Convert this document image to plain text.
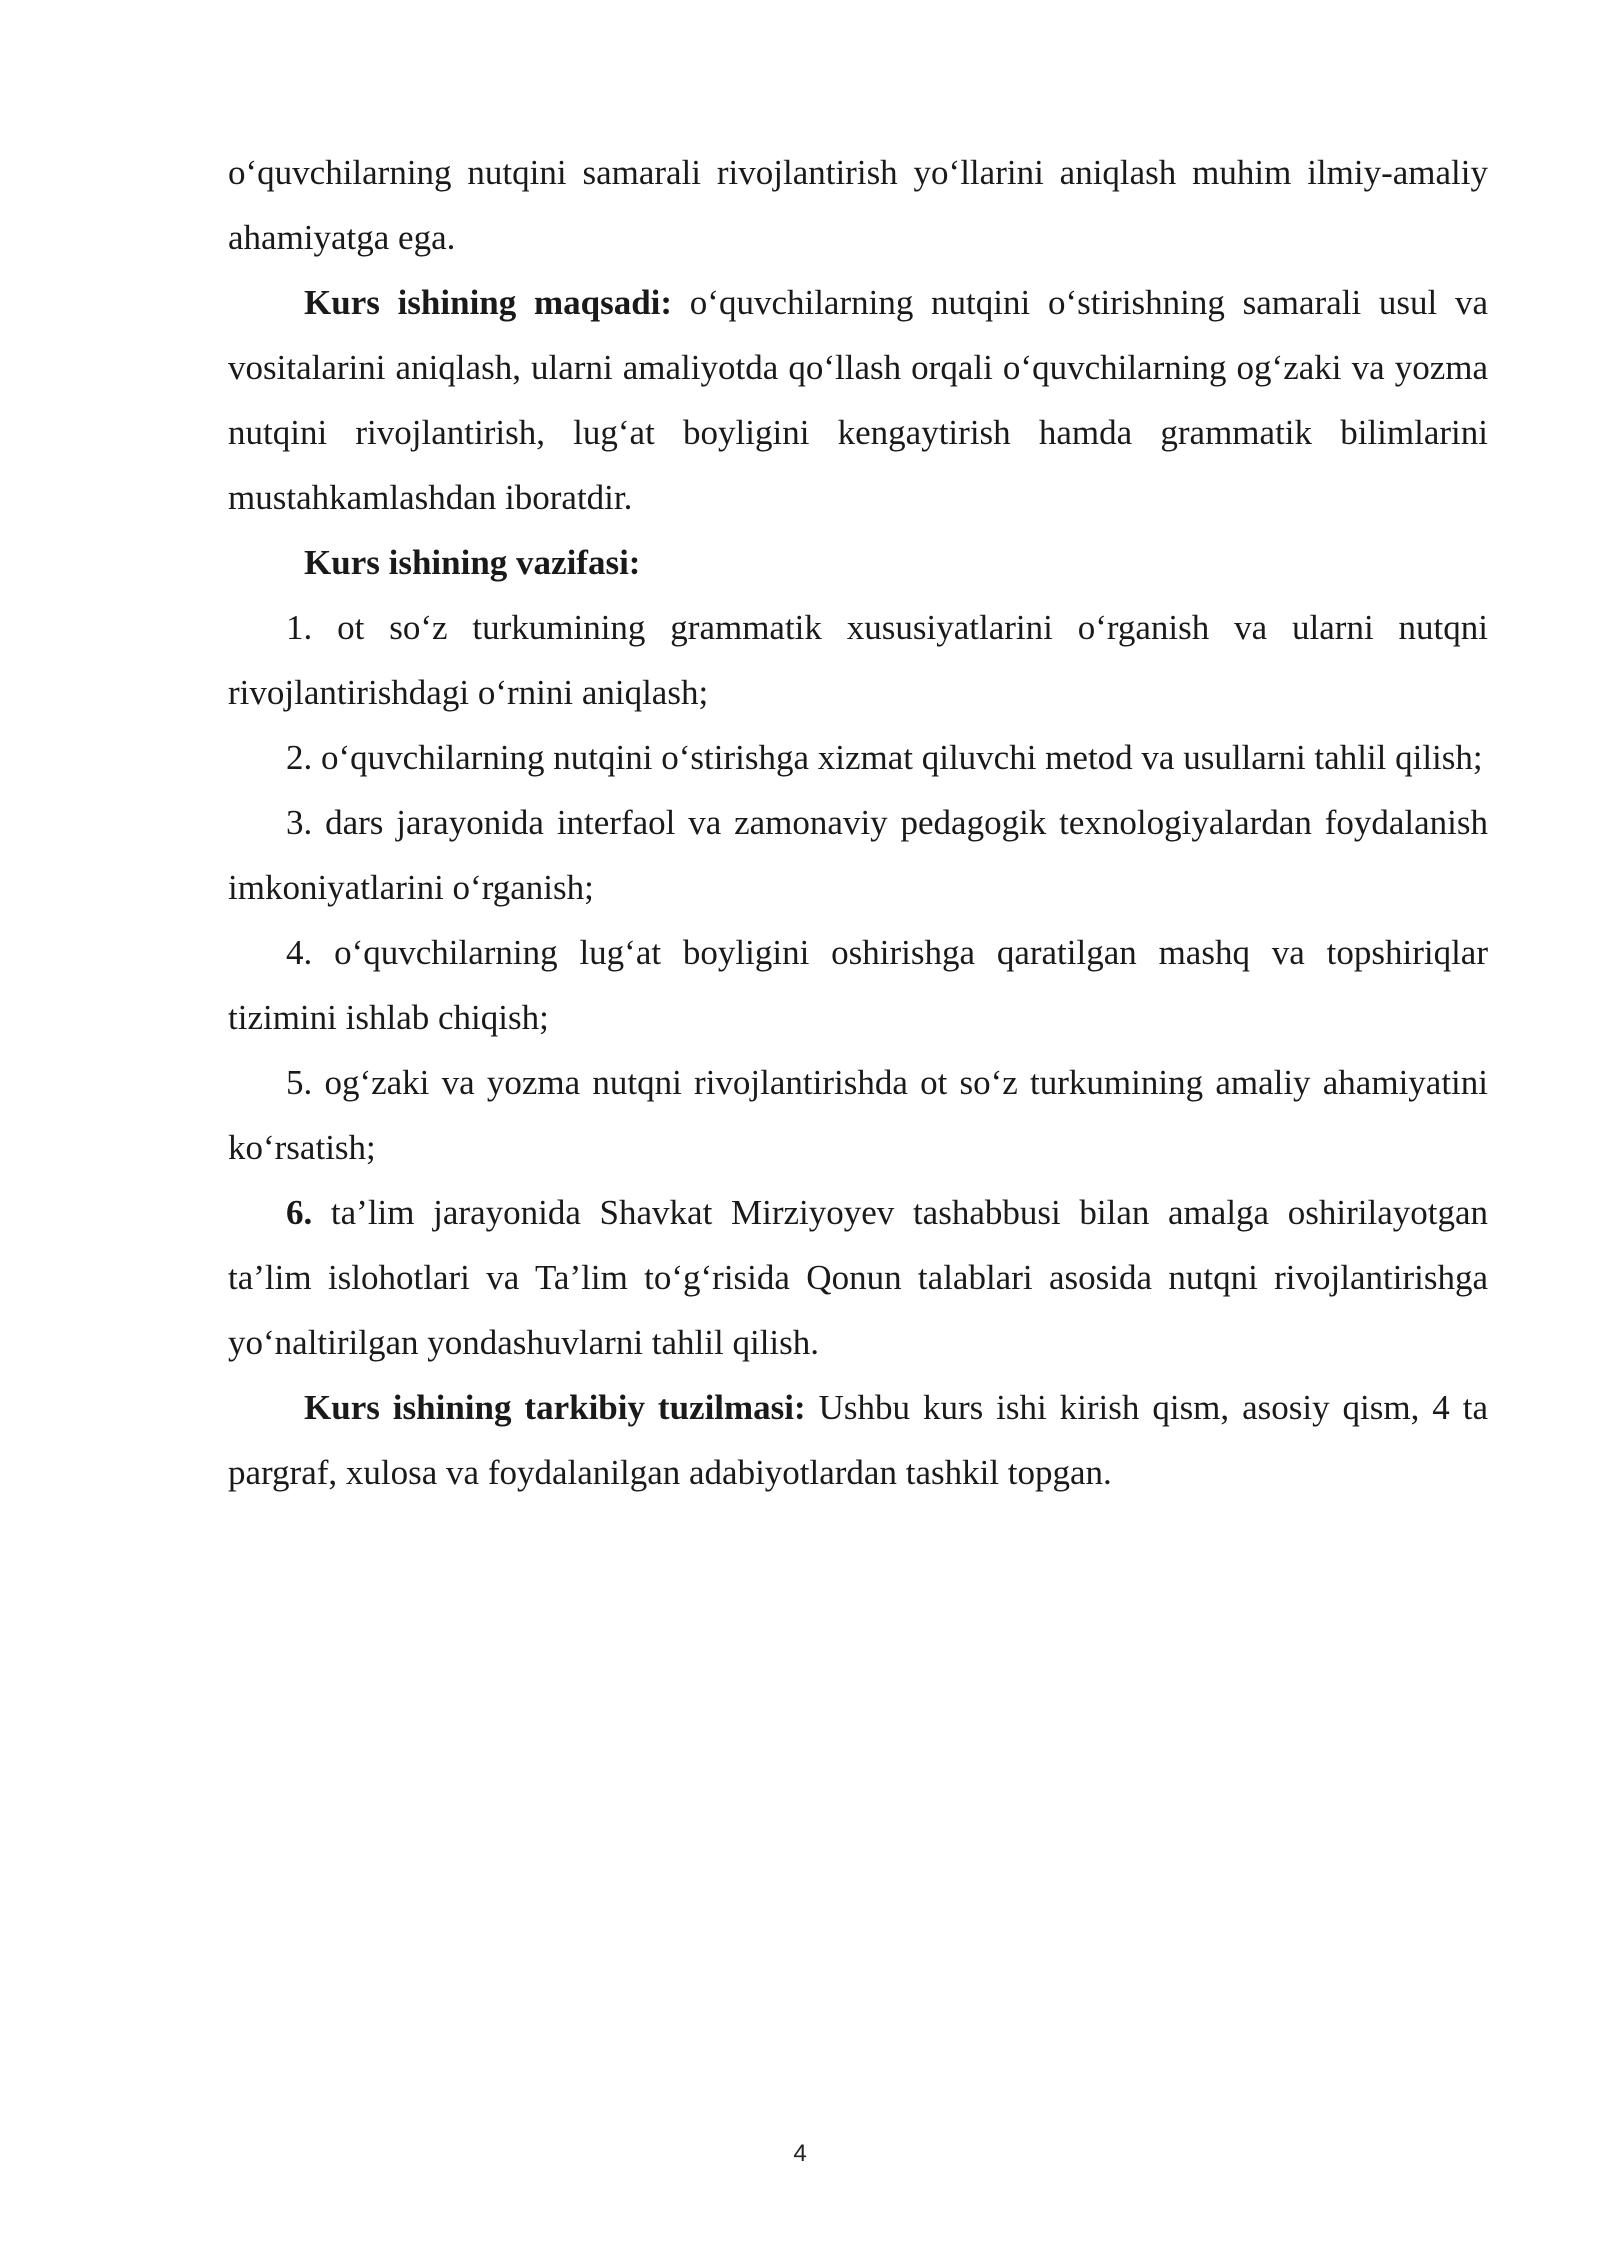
o‘quvchilarning nutqini samarali rivojlantirish yo‘llarini aniqlash muhim ilmiy-amaliy ahamiyatga ega.

Kurs ishining maqsadi: o‘quvchilarning nutqini o‘stirishning samarali usul va vositalarini aniqlash, ularni amaliyotda qo‘llash orqali o‘quvchilarning og‘zaki va yozma nutqini rivojlantirish, lug‘at boyligini kengaytirish hamda grammatik bilimlarini mustahkamlashdan iboratdir.

Kurs ishining vazifasi:

1. ot so‘z turkumining grammatik xususiyatlarini o‘rganish va ularni nutqni rivojlantirishdagi o‘rnini aniqlash;

2. o‘quvchilarning nutqini o‘stirishga xizmat qiluvchi metod va usullarni tahlil qilish;

3. dars jarayonida interfaol va zamonaviy pedagogik texnologiyalardan foydalanish imkoniyatlarini o‘rganish;

4. o‘quvchilarning lug‘at boyligini oshirishga qaratilgan mashq va topshiriqlar tizimini ishlab chiqish;

5. og‘zaki va yozma nutqni rivojlantirishda ot so‘z turkumining amaliy ahamiyatini ko‘rsatish;

6. ta’lim jarayonida Shavkat Mirziyoyev tashabbusi bilan amalga oshirilayotgan ta’lim islohotlari va Ta’lim to‘g‘risida Qonun talablari asosida nutqni rivojlantirishga yo‘naltirilgan yondashuvlarni tahlil qilish.

Kurs ishining tarkibiy tuzilmasi: Ushbu kurs ishi kirish qism, asosiy qism, 4 ta pargraf, xulosa va foydalanilgan adabiyotlardan tashkil topgan.

4
